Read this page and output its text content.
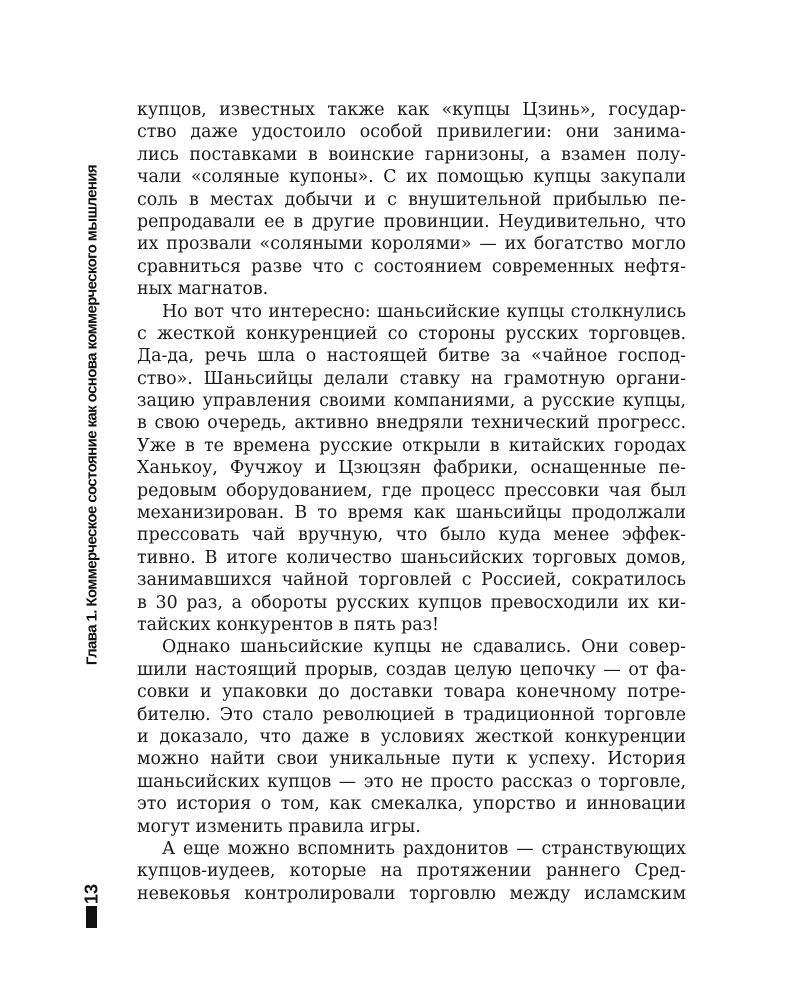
Глава 1. Коммерческое состояние как основа коммерческого мышления
13
купцов, известных также как «купцы Цзинь», государ-
ство даже удостоило особой привилегии: они занима-
лись поставками в воинские гарнизоны, а взамен полу-
чали «соляные купоны». С их помощью купцы закупали
соль в местах добычи и с внушительной прибылью пе-
репродавали ее в другие провинции. Неудивительно, что
их прозвали «соляными королями» — их богатство могло
сравниться разве что с состоянием современных нефтя-
ных магнатов.
Но вот что интересно: шаньсийские купцы столкнулись
с жесткой конкуренцией со стороны русских торговцев.
Да-да, речь шла о настоящей битве за «чайное господ-
ство». Шаньсийцы делали ставку на грамотную органи-
зацию управления своими компаниями, а русские купцы,
в свою очередь, активно внедряли технический прогресс.
Уже в те времена русские открыли в китайских городах
Ханькоу, Фучжоу и Цзюцзян фабрики, оснащенные пе-
редовым оборудованием, где процесс прессовки чая был
механизирован. В то время как шаньсийцы продолжали
прессовать чай вручную, что было куда менее эффек-
тивно. В итоге количество шаньсийских торговых домов,
занимавшихся чайной торговлей с Россией, сократилось
в 30 раз, а обороты русских купцов превосходили их ки-
тайских конкурентов в пять раз!
Однако шаньсийские купцы не сдавались. Они совер-
шили настоящий прорыв, создав целую цепочку — от фа-
совки и упаковки до доставки товара конечному потре-
бителю. Это стало революцией в традиционной торговле
и доказало, что даже в условиях жесткой конкуренции
можно найти свои уникальные пути к успеху. История
шаньсийских купцов — это не просто рассказ о торговле,
это история о том, как смекалка, упорство и инновации
могут изменить правила игры.
А еще можно вспомнить рахдонитов — странствующих
купцов-иудеев, которые на протяжении раннего Сред-
невековья контролировали торговлю между исламским
